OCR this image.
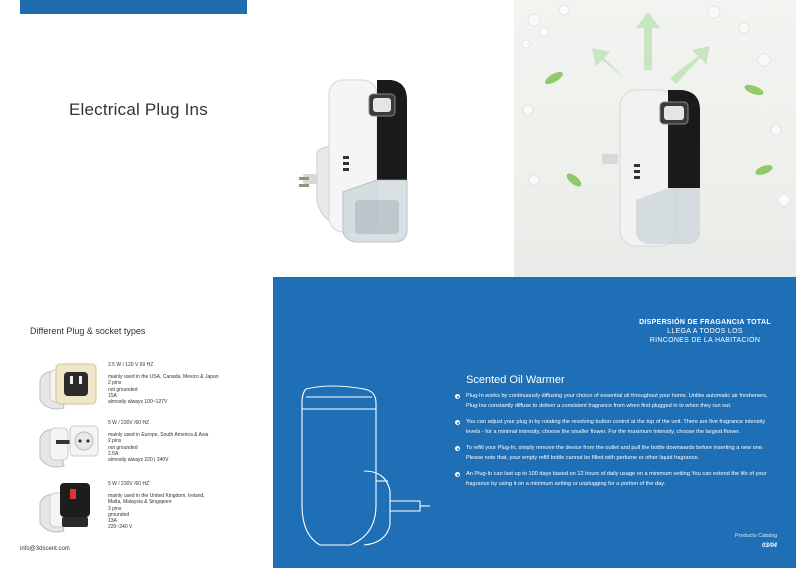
Electrical Plug Ins
Different Plug & socket types
2.5 W / 120 V 60 HZ
mainly used in the USA, Canada, Mexico & Japan
2 pins
not grounded
15A
almostly always 100~127V
5 W / 230V /60 HZ
mainly used in Europe, South America & Asia
2 pins
not grounded
2.5A
almostly always 220 | 240V
5 W / 230V /60 HZ
mainly used in the United Kingdom, Ireland,
Malta, Malaysia & Singapore
3 pins
grounded
13A
220~240 V
info@3dscent.com
DISPERSIÓN DE FRAGANCIA TOTAL
LLEGA A TODOS LOS
RINCONES DE LA HABITACIÓN
Scented Oil Warmer
Plug-In works by continuously diffusing your choice of essential oil throughout your home. Unlike automatic air fresheners, Plug-Ins constantly diffuse to deliver a consistent fragrance from when first plugged in to when they run out.
You can adjust your plug in by rotating the revolving button control at the top of the unit. There are five fragrance intensity levels - for a minimal intensity, choose the smaller flower. For the maximum intensity, choose the largest flower.
To refill your Plug-In, simply remove the device from the outlet and pull the bottle downwards before inserting a new one. Please note that, your empty refill bottle cannot be filled with perfume or other liquid fragrance.
An Plug-In can last up to 100 days based on 12 hours of daily usage on a minimum setting.You can extend the life of your fragrance by using it on a minimum setting or unplugging for a portion of the day.
Products Catalog
03/04
